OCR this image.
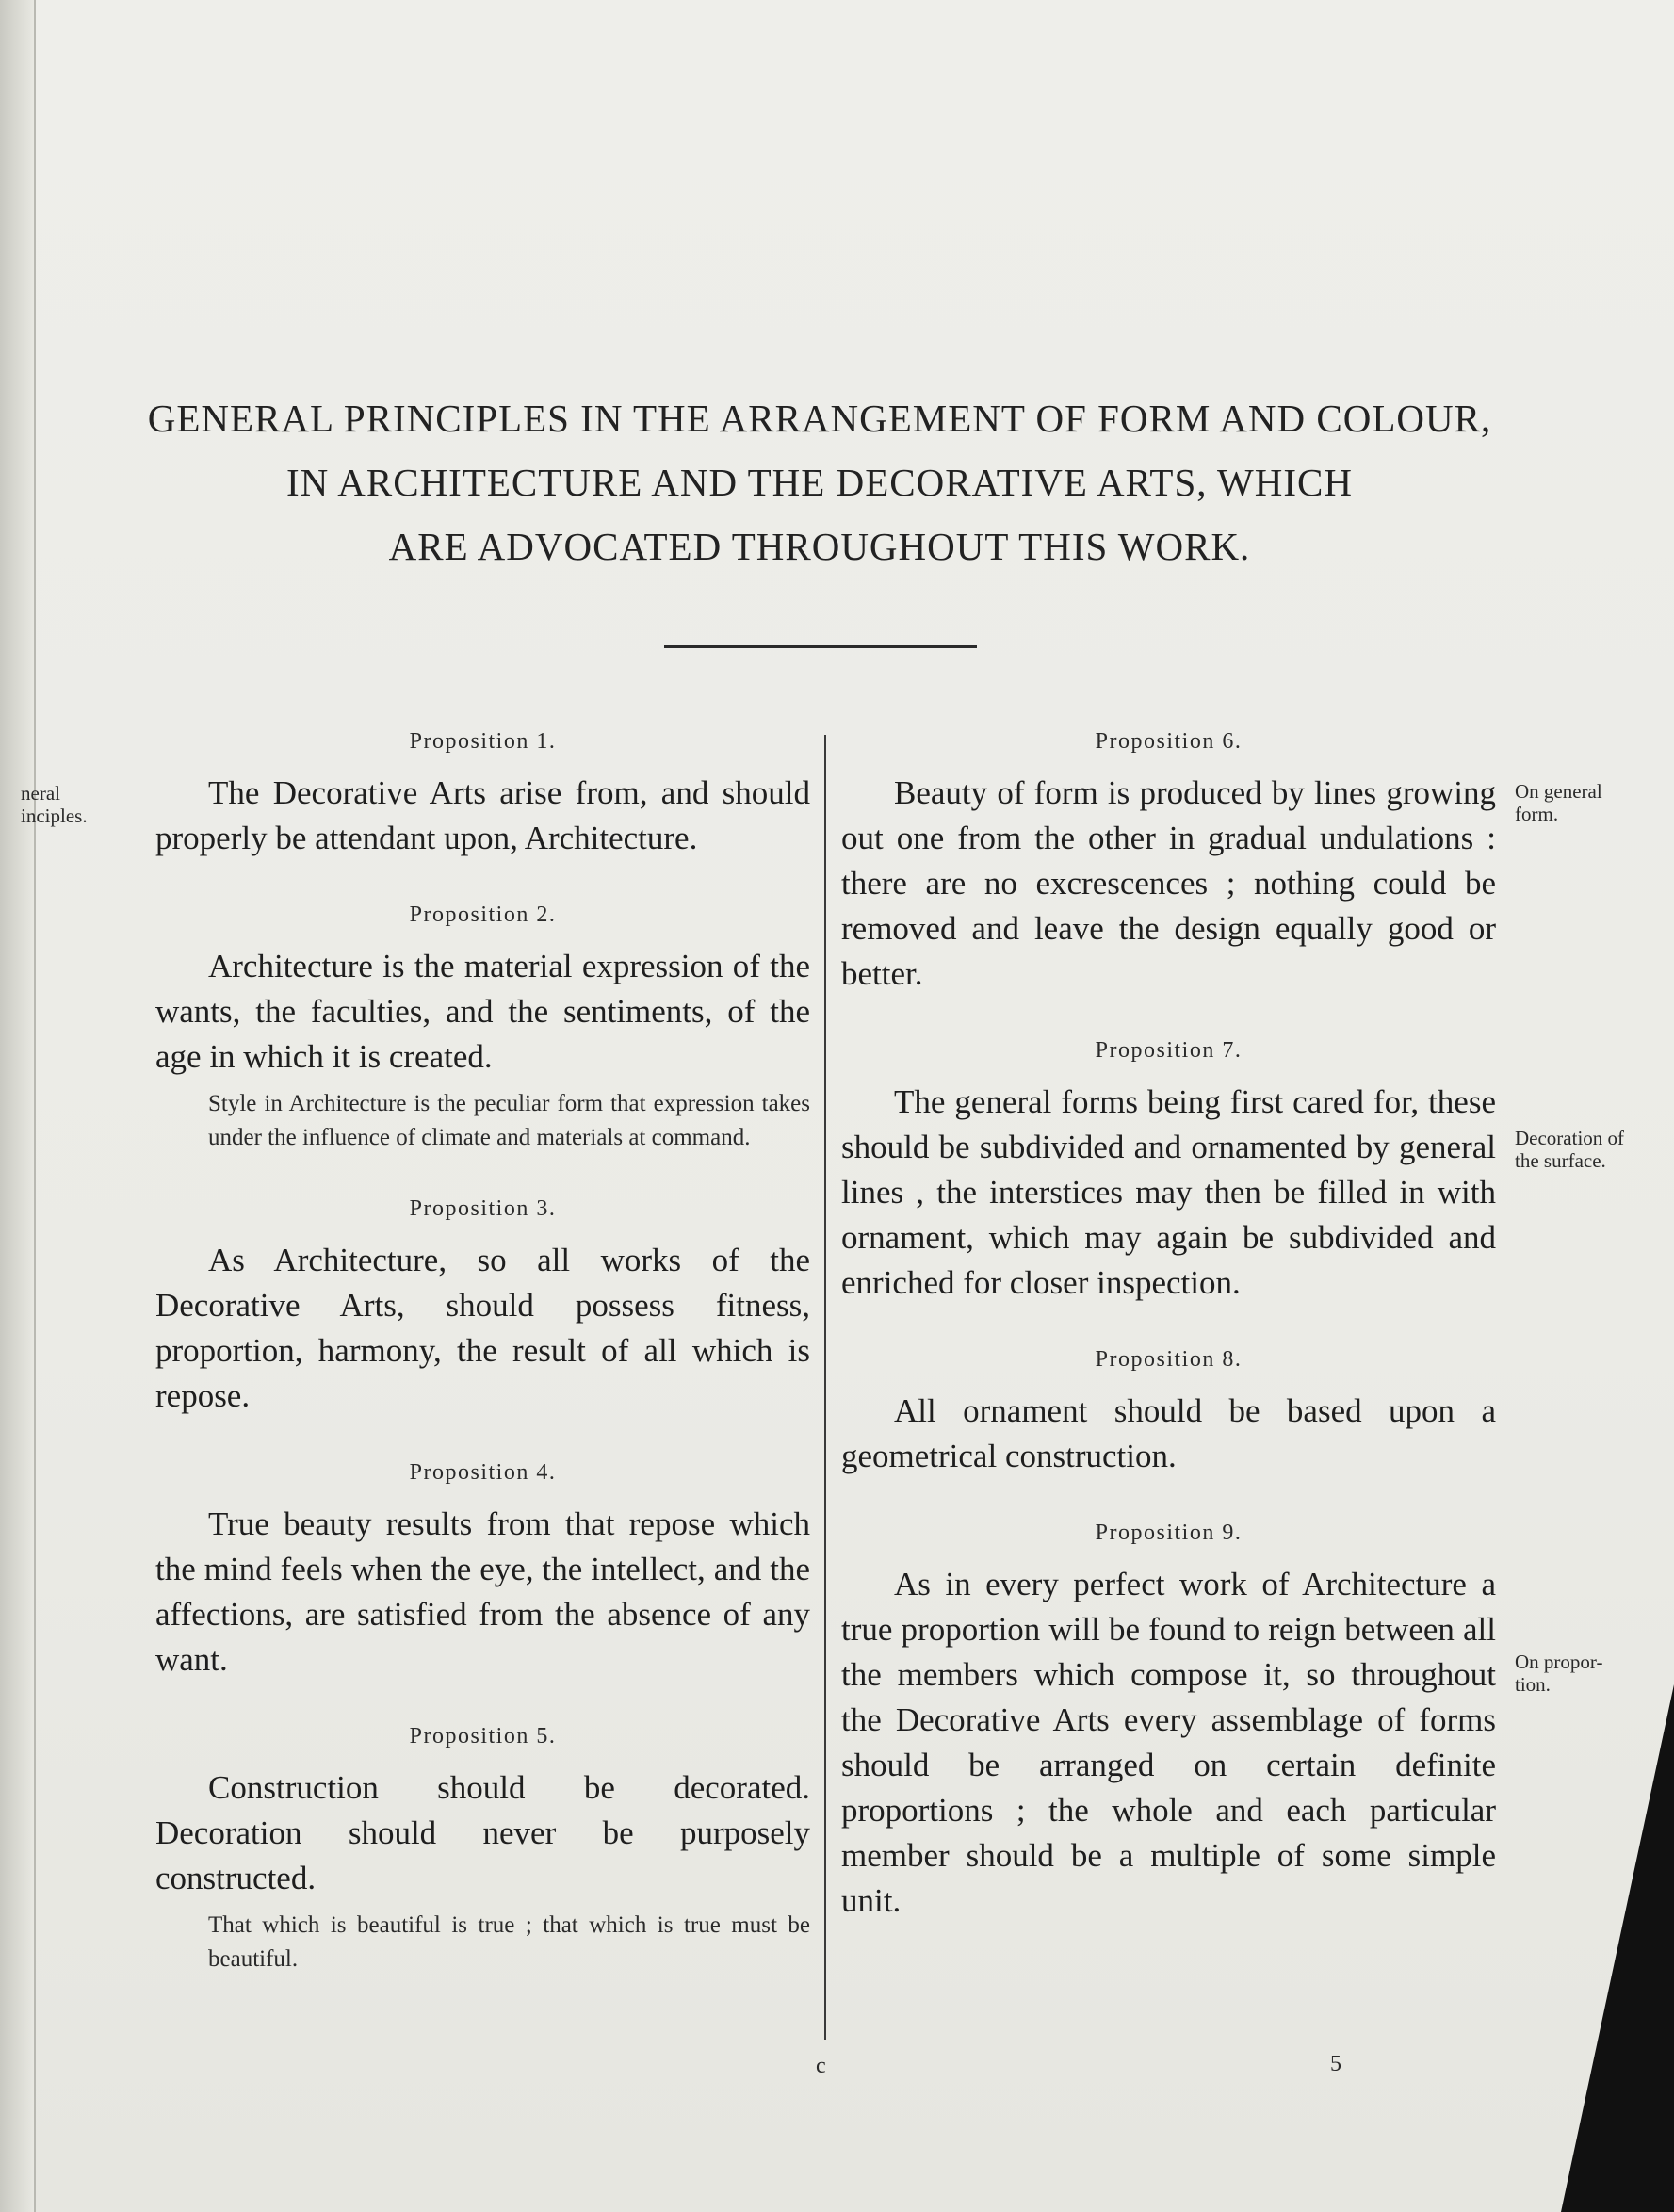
GENERAL PRINCIPLES IN THE ARRANGEMENT OF FORM AND COLOUR,
IN ARCHITECTURE AND THE DECORATIVE ARTS, WHICH
ARE ADVOCATED THROUGHOUT THIS WORK.
Proposition 1.

The Decorative Arts arise from, and should properly be attendant upon, Architecture.

Proposition 2.

Architecture is the material expression of the wants, the faculties, and the sentiments, of the age in which it is created.

Style in Architecture is the peculiar form that expression takes under the influence of climate and materials at command.

Proposition 3.

As Architecture, so all works of the Decorative Arts, should possess fitness, proportion, harmony, the result of all which is repose.

Proposition 4.

True beauty results from that repose which the mind feels when the eye, the intellect, and the affections, are satisfied from the absence of any want.

Proposition 5.

Construction should be decorated. Decoration should never be purposely constructed.

That which is beautiful is true ; that which is true must be beautiful.

Proposition 6.

Beauty of form is produced by lines growing out one from the other in gradual undulations : there are no excrescences ; nothing could be removed and leave the design equally good or better.

Proposition 7.

The general forms being first cared for, these should be subdivided and ornamented by general lines , the interstices may then be filled in with ornament, which may again be subdivided and enriched for closer inspection.

Proposition 8.

All ornament should be based upon a geometrical construction.

Proposition 9.

As in every perfect work of Architecture a true proportion will be found to reign between all the members which compose it, so throughout the Decorative Arts every assemblage of forms should be arranged on certain definite proportions ; the whole and each particular member should be a multiple of some simple unit.

neral
inciples.
On general
form.
Decoration of
the surface.
On propor-
tion.
c	5
